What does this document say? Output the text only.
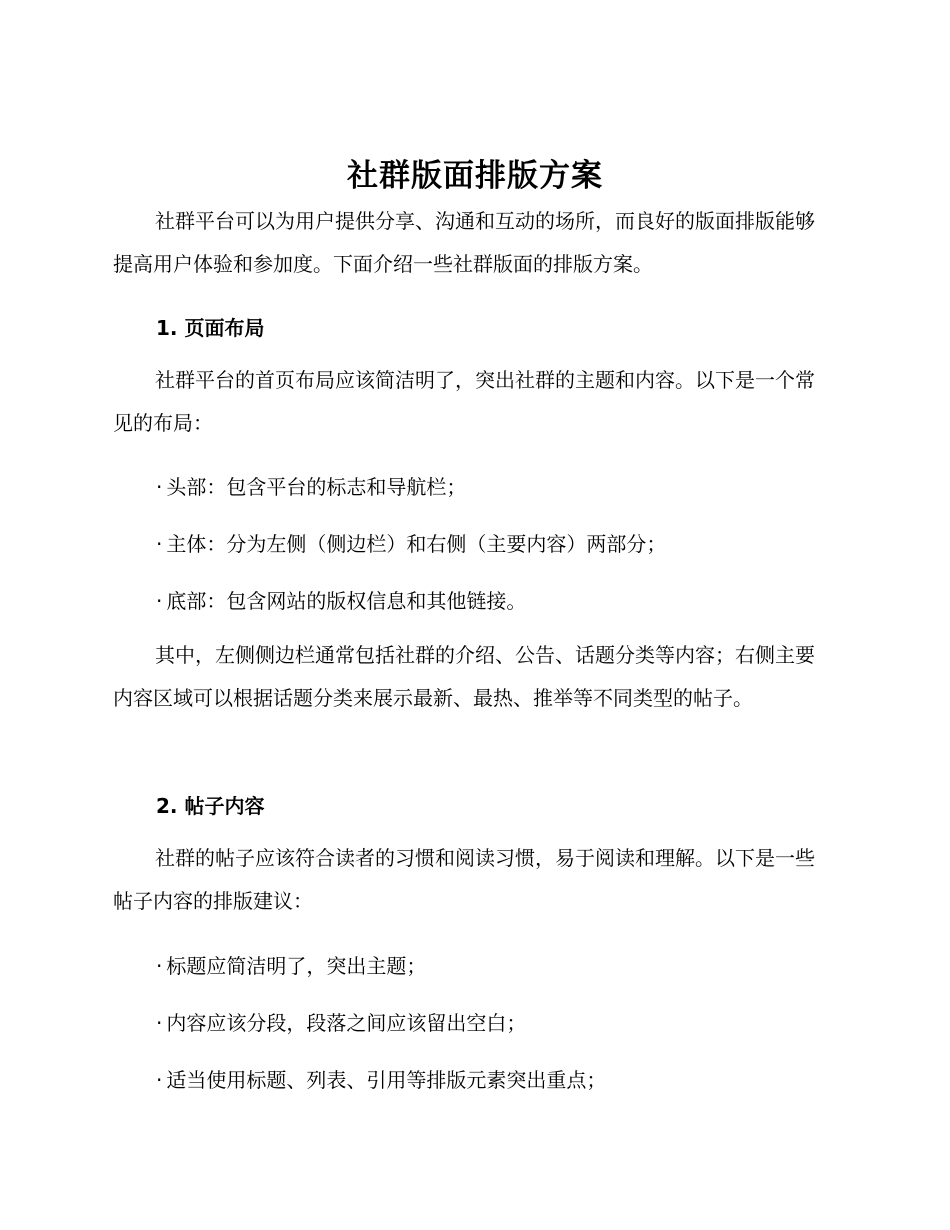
社群版面排版方案
社群平台可以为用户提供分享、沟通和互动的场所，而良好的版面排版能够提高用户体验和参加度。下面介绍一些社群版面的排版方案。
1. 页面布局
社群平台的首页布局应该简洁明了，突出社群的主题和内容。以下是一个常见的布局：
· 头部：包含平台的标志和导航栏；
· 主体：分为左侧（侧边栏）和右侧（主要内容）两部分；
· 底部：包含网站的版权信息和其他链接。
其中，左侧侧边栏通常包括社群的介绍、公告、话题分类等内容；右侧主要内容区域可以根据话题分类来展示最新、最热、推举等不同类型的帖子。
2. 帖子内容
社群的帖子应该符合读者的习惯和阅读习惯，易于阅读和理解。以下是一些帖子内容的排版建议：
· 标题应简洁明了，突出主题；
· 内容应该分段，段落之间应该留出空白；
· 适当使用标题、列表、引用等排版元素突出重点；
